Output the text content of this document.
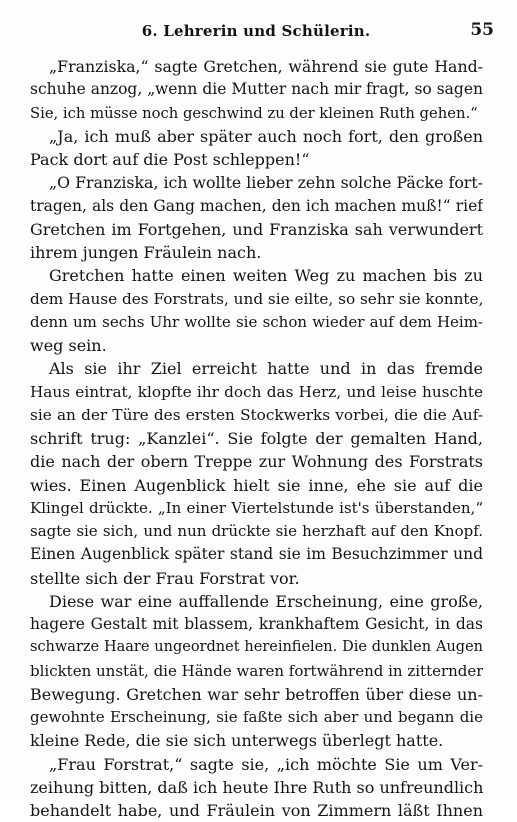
6. Lehrerin und Schülerin.	55
„Franziska,“ sagte Gretchen, während sie gute Hand-
schuhe anzog, „wenn die Mutter nach mir fragt, so sagen
Sie, ich müsse noch geschwind zu der kleinen Ruth gehen.“
„Ja, ich muß aber später auch noch fort, den großen
Pack dort auf die Post schleppen!“
„O Franziska, ich wollte lieber zehn solche Päcke fort-
tragen, als den Gang machen, den ich machen muß!“ rief
Gretchen im Fortgehen, und Franziska sah verwundert
ihrem jungen Fräulein nach.
Gretchen hatte einen weiten Weg zu machen bis zu
dem Hause des Forstrats, und sie eilte, so sehr sie konnte,
denn um sechs Uhr wollte sie schon wieder auf dem Heim-
weg sein.
Als sie ihr Ziel erreicht hatte und in das fremde
Haus eintrat, klopfte ihr doch das Herz, und leise huschte
sie an der Türe des ersten Stockwerks vorbei, die die Auf-
schrift trug: „Kanzlei“. Sie folgte der gemalten Hand,
die nach der obern Treppe zur Wohnung des Forstrats
wies. Einen Augenblick hielt sie inne, ehe sie auf die
Klingel drückte. „In einer Viertelstunde ist's überstanden,“
sagte sie sich, und nun drückte sie herzhaft auf den Knopf.
Einen Augenblick später stand sie im Besuchzimmer und
stellte sich der Frau Forstrat vor.
Diese war eine auffallende Erscheinung, eine große,
hagere Gestalt mit blassem, krankhaftem Gesicht, in das
schwarze Haare ungeordnet hereinfielen. Die dunklen Augen
blickten unstät, die Hände waren fortwährend in zitternder
Bewegung. Gretchen war sehr betroffen über diese un-
gewohnte Erscheinung, sie faßte sich aber und begann die
kleine Rede, die sie sich unterwegs überlegt hatte.
„Frau Forstrat,“ sagte sie, „ich möchte Sie um Ver-
zeihung bitten, daß ich heute Ihre Ruth so unfreundlich
behandelt habe, und Fräulein von Zimmern läßt Ihnen
